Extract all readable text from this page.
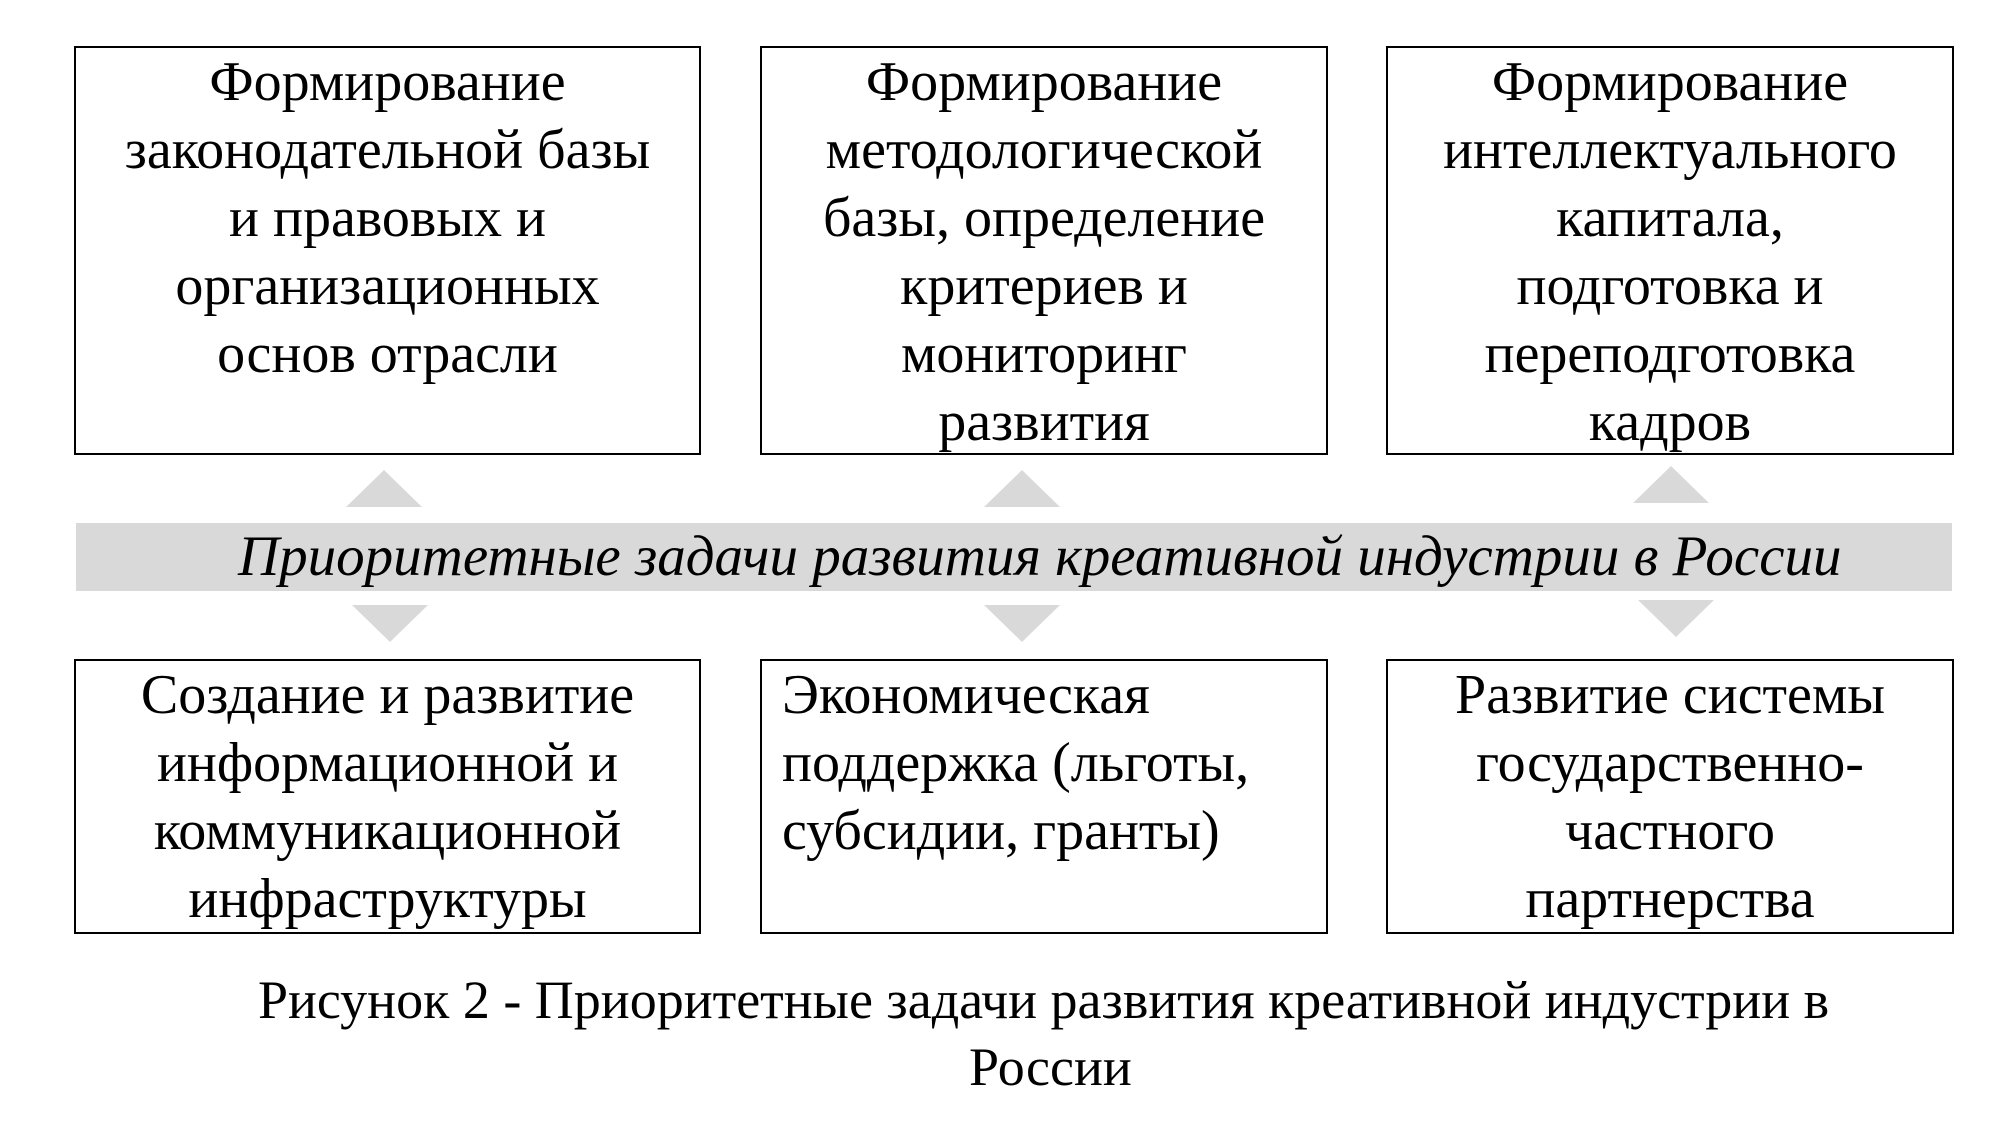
Формирование
законодательной базы
и правовых и
организационных
основ отрасли

Формирование
методологической
базы, определение
критериев и
мониторинг
развития

Формирование
интеллектуального
капитала,
подготовка и
переподготовка
кадров

Приоритетные задачи развития креативной индустрии в России

Создание и развитие
информационной и
коммуникационной
инфраструктуры

Экономическая
поддержка (льготы,
субсидии, гранты)

Развитие системы
государственно-
частного
партнерства

Рисунок 2 - Приоритетные задачи развития креативной индустрии в

России
